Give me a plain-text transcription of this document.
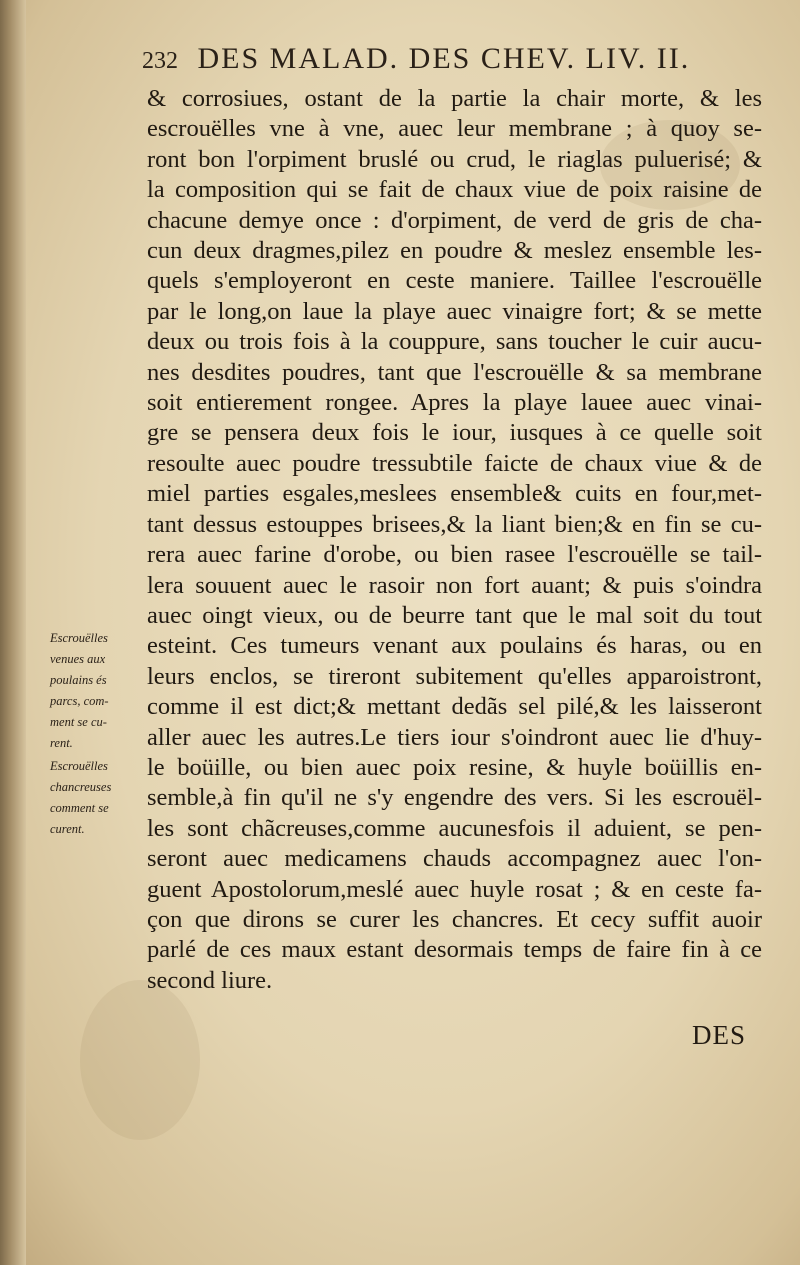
232 DES MALAD. DES CHEV. LIV. II.
& corrosiues, ostant de la partie la chair morte, & les
escrouëlles vne à vne, auec leur membrane ; à quoy se-
ront bon l'orpiment bruslé ou crud, le riaglas puluerisé; &
la composition qui se fait de chaux viue de poix raisine de
chacune demye once : d'orpiment, de verd de gris de cha-
cun deux dragmes,pilez en poudre & meslez ensemble les-
quels s'employeront en ceste maniere. Taillee l'escrouëlle
par le long,on laue la playe auec vinaigre fort; & se mette
deux ou trois fois à la couppure, sans toucher le cuir aucu-
nes desdites poudres, tant que l'escrouëlle & sa membrane
soit entierement rongee. Apres la playe lauee auec vinai-
gre se pensera deux fois le iour, iusques à ce quelle soit
resoulte auec poudre tressubtile faicte de chaux viue & de
miel parties esgales,meslees ensemble& cuits en four,met-
tant dessus estouppes brisees,& la liant bien;& en fin se cu-
rera auec farine d'orobe, ou bien rasee l'escrouëlle se tail-
lera souuent auec le rasoir non fort auant; & puis s'oindra
auec oingt vieux, ou de beurre tant que le mal soit du tout
esteint. Ces tumeurs venant aux poulains és haras, ou en
leurs enclos, se tireront subitement qu'elles apparoistront,
comme il est dict;& mettant dedãs sel pilé,& les laisseront
aller auec les autres.Le tiers iour s'oindront auec lie d'huy-
le boüille, ou bien auec poix resine, & huyle boüillis en-
semble,à fin qu'il ne s'y engendre des vers. Si les escrouël-
les sont chãcreuses,comme aucunesfois il aduient, se pen-
seront auec medicamens chauds accompagnez auec l'on-
guent Apostolorum,meslé auec huyle rosat ; & en ceste fa-
çon que dirons se curer les chancres. Et cecy suffit auoir
parlé de ces maux estant desormais temps de faire fin à ce
second liure.
Escrouëlles
venues aux
poulains és
parcs, com-
ment se cu-
rent.
Escrouëlles
chancreuses
comment se
curent.
DES
